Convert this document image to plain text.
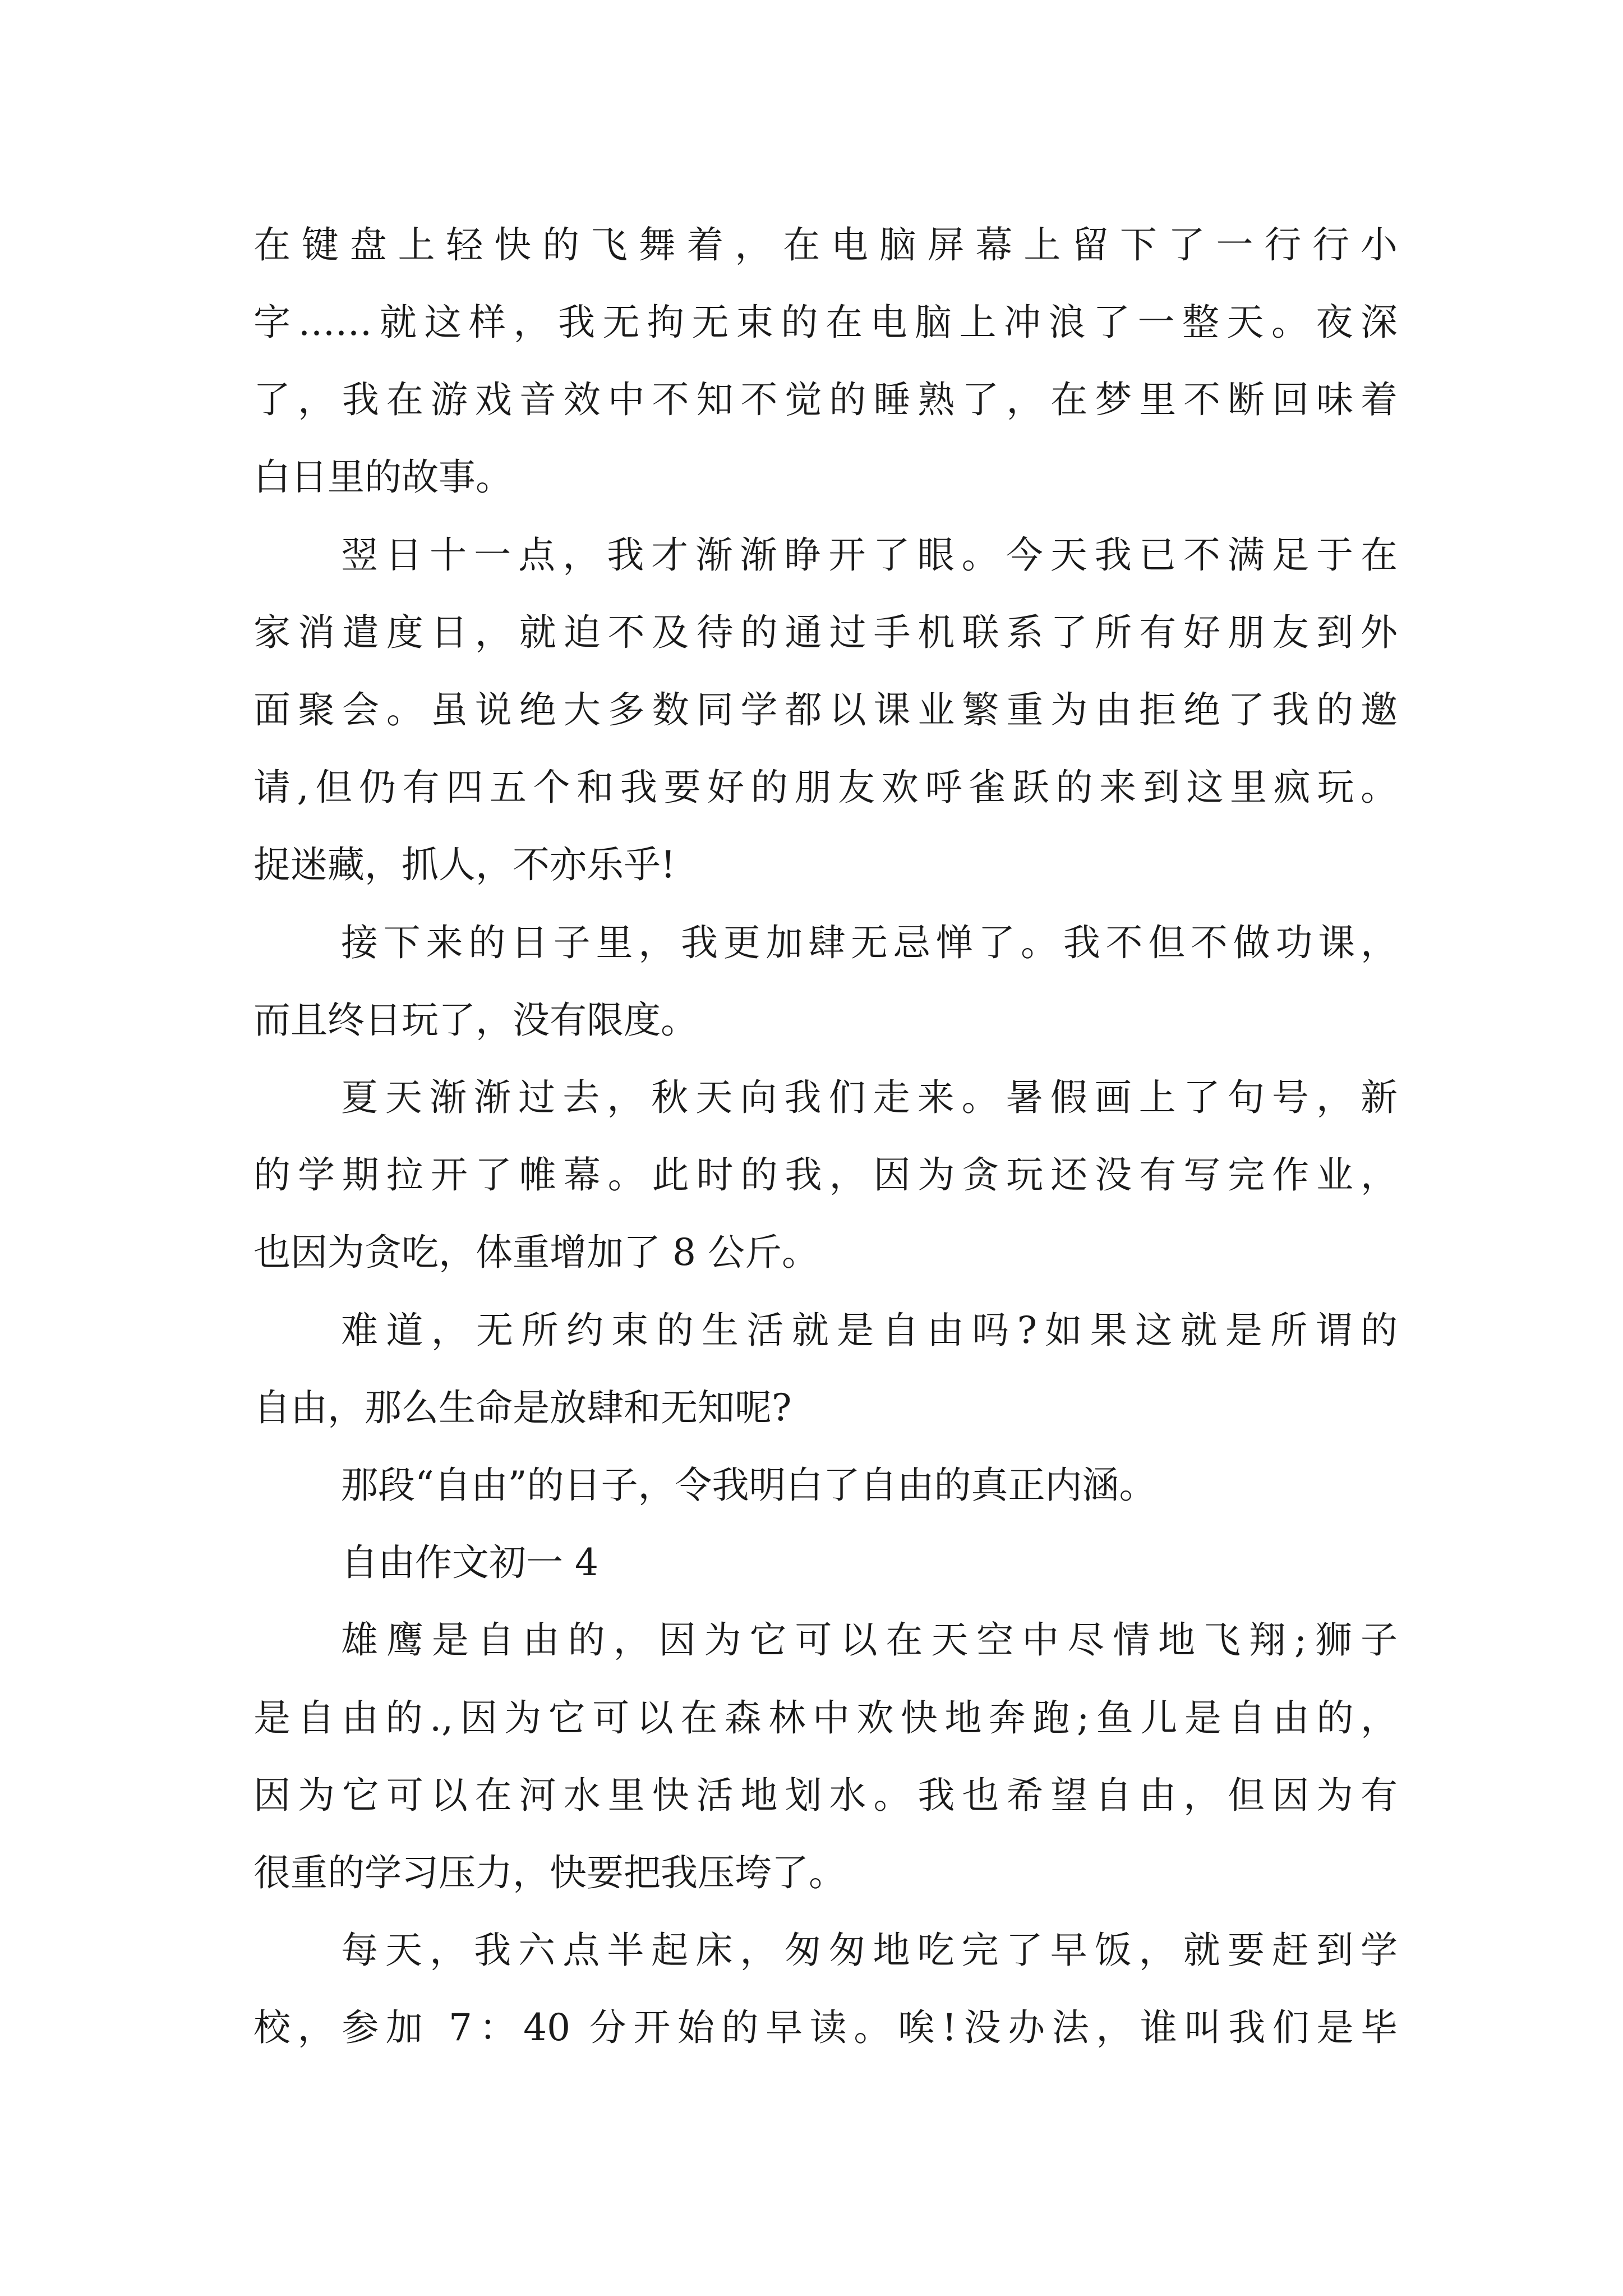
在键盘上轻快的飞舞着，在电脑屏幕上留下了一行行小

字……就这样，我无拘无束的在电脑上冲浪了一整天。夜深

了，我在游戏音效中不知不觉的睡熟了，在梦里不断回味着

白日里的故事。

翌日十一点，我才渐渐睁开了眼。今天我已不满足于在

家消遣度日，就迫不及待的通过手机联系了所有好朋友到外

面聚会。虽说绝大多数同学都以课业繁重为由拒绝了我的邀

请,但仍有四五个和我要好的朋友欢呼雀跃的来到这里疯玩。

捉迷藏，抓人，不亦乐乎!

接下来的日子里，我更加肆无忌惮了。我不但不做功课，

而且终日玩了，没有限度。

夏天渐渐过去，秋天向我们走来。暑假画上了句号，新

的学期拉开了帷幕。此时的我，因为贪玩还没有写完作业，

也因为贪吃，体重增加了 8 公斤。

难道，无所约束的生活就是自由吗?如果这就是所谓的

自由，那么生命是放肆和无知呢?

那段“自由”的日子，令我明白了自由的真正内涵。

自由作文初一 4

雄鹰是自由的，因为它可以在天空中尽情地飞翔;狮子

是自由的.,因为它可以在森林中欢快地奔跑;鱼儿是自由的，

因为它可以在河水里快活地划水。我也希望自由，但因为有

很重的学习压力，快要把我压垮了。

每天，我六点半起床，匆匆地吃完了早饭，就要赶到学

校，参加 7：40 分开始的早读。唉!没办法，谁叫我们是毕
